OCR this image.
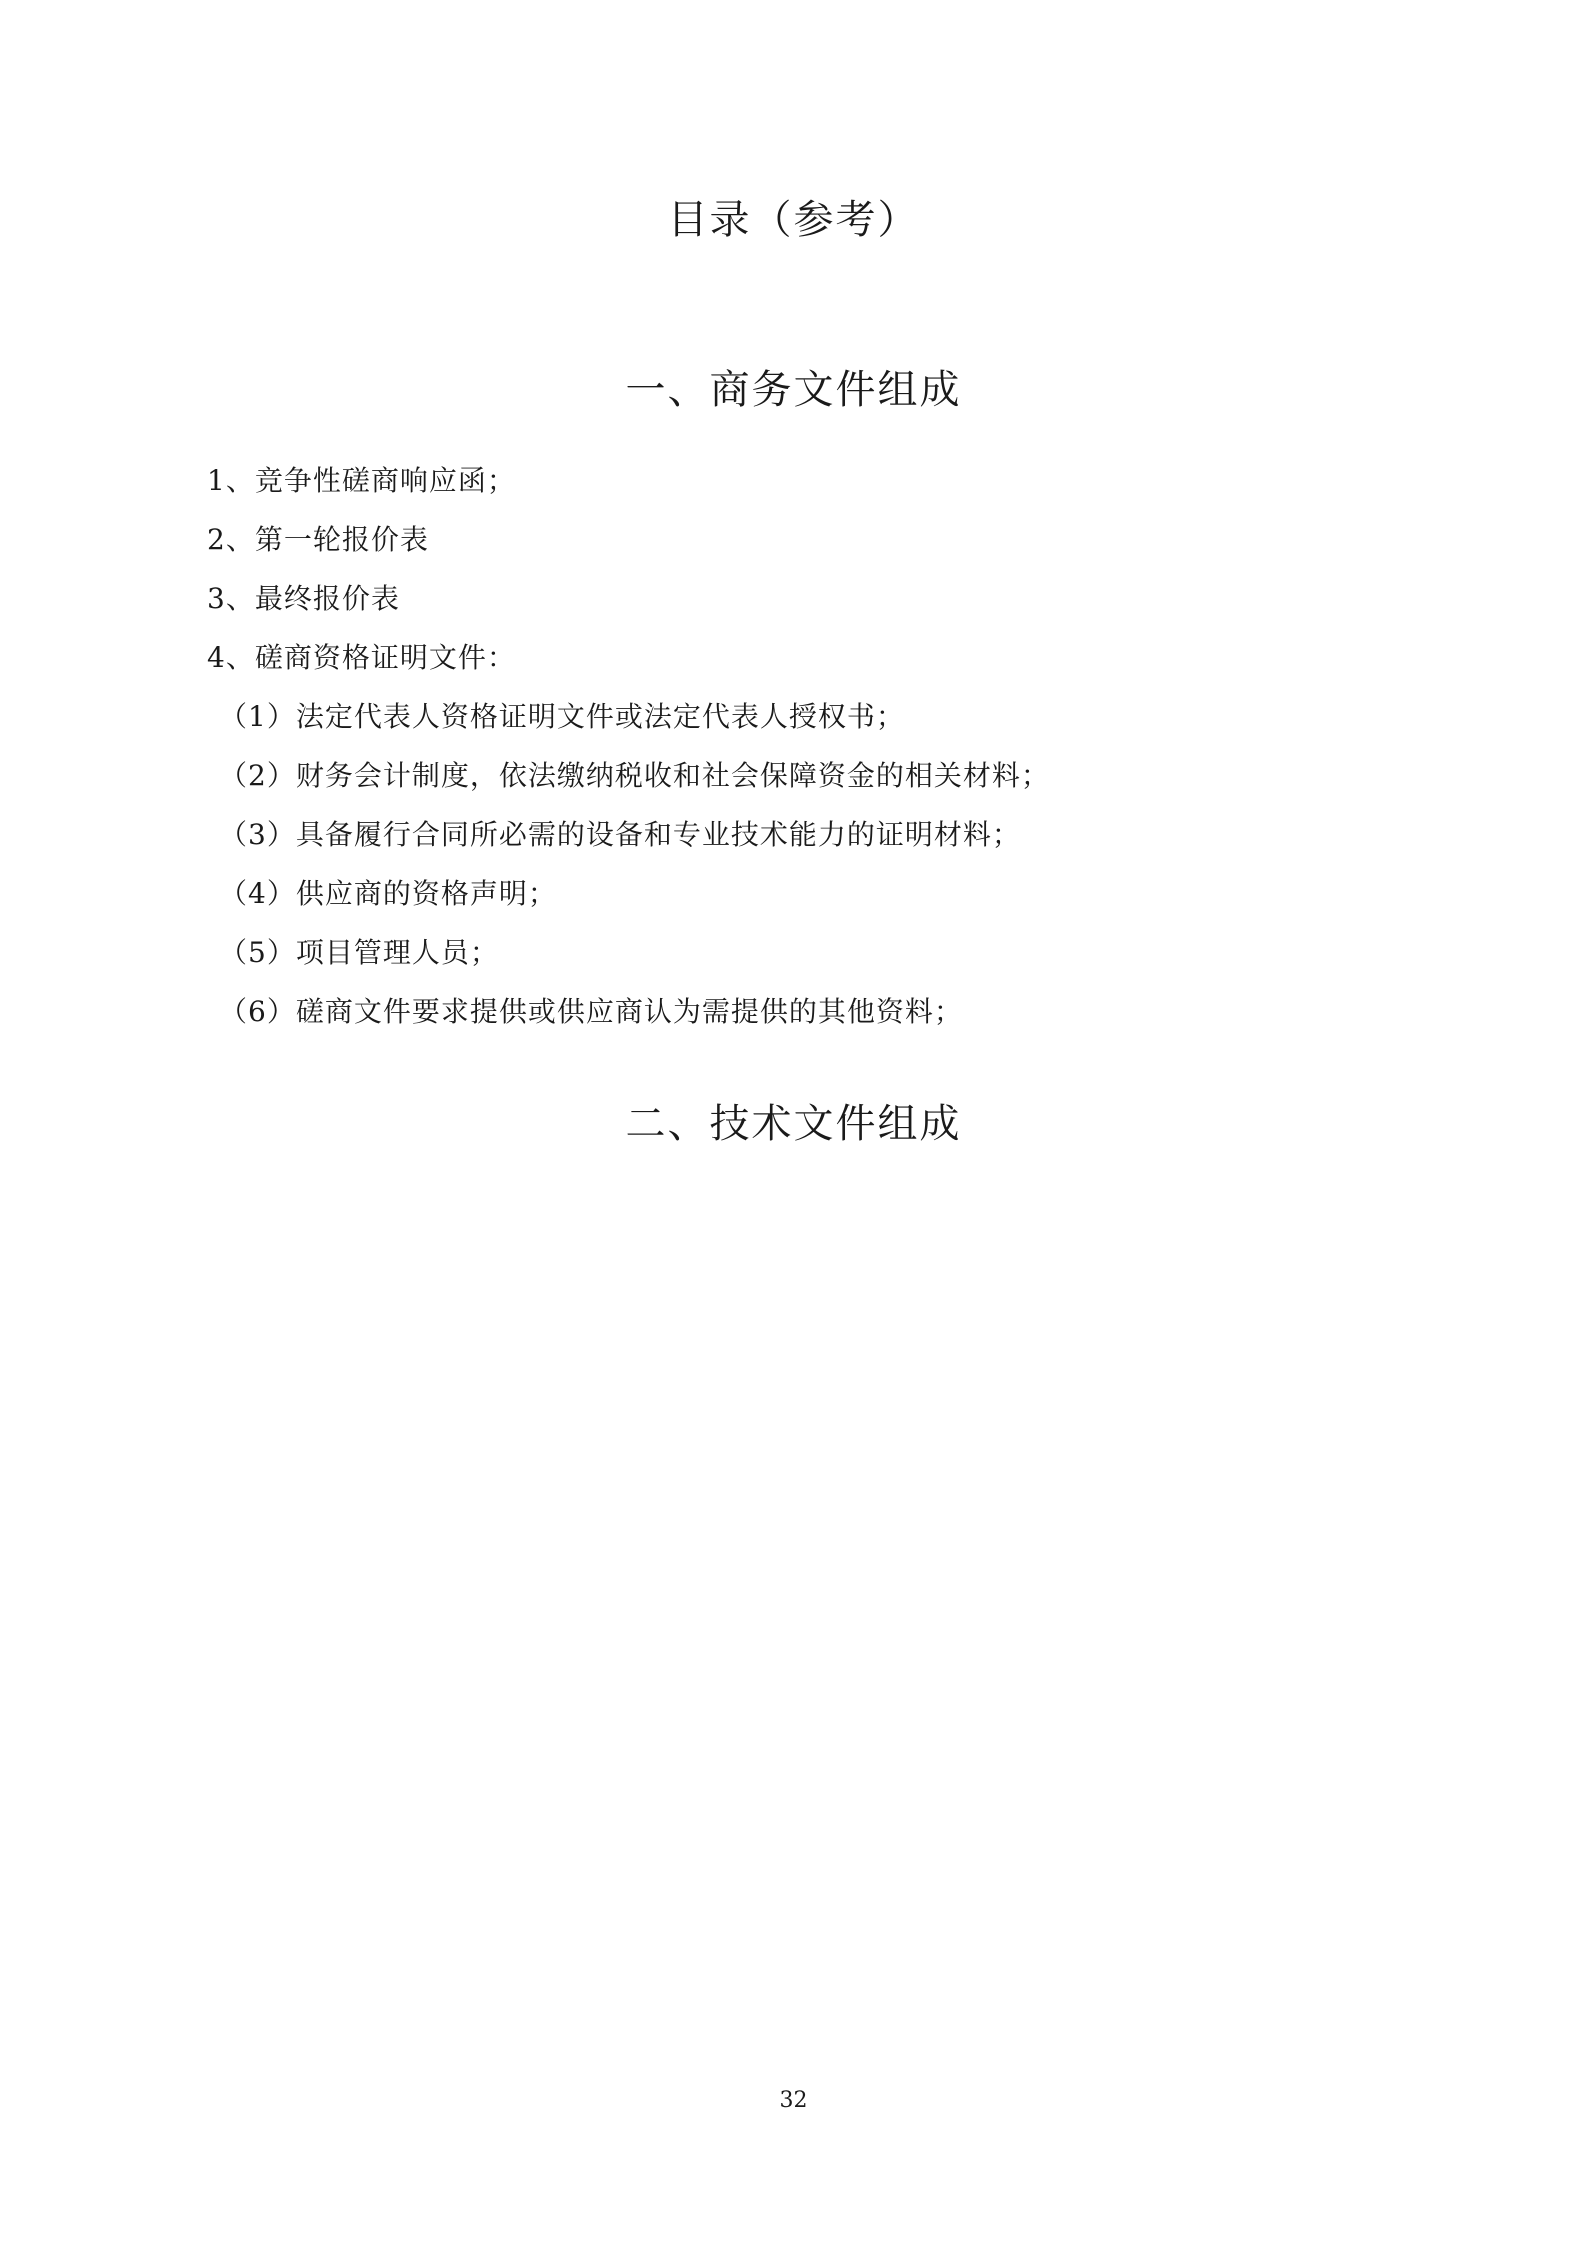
目录（参考）
一、商务文件组成
1、竞争性磋商响应函；
2、第一轮报价表
3、最终报价表
4、磋商资格证明文件：
（1）法定代表人资格证明文件或法定代表人授权书；
（2）财务会计制度，依法缴纳税收和社会保障资金的相关材料；
（3）具备履行合同所必需的设备和专业技术能力的证明材料；
（4）供应商的资格声明；
（5）项目管理人员；
（6）磋商文件要求提供或供应商认为需提供的其他资料；
二、技术文件组成
32
